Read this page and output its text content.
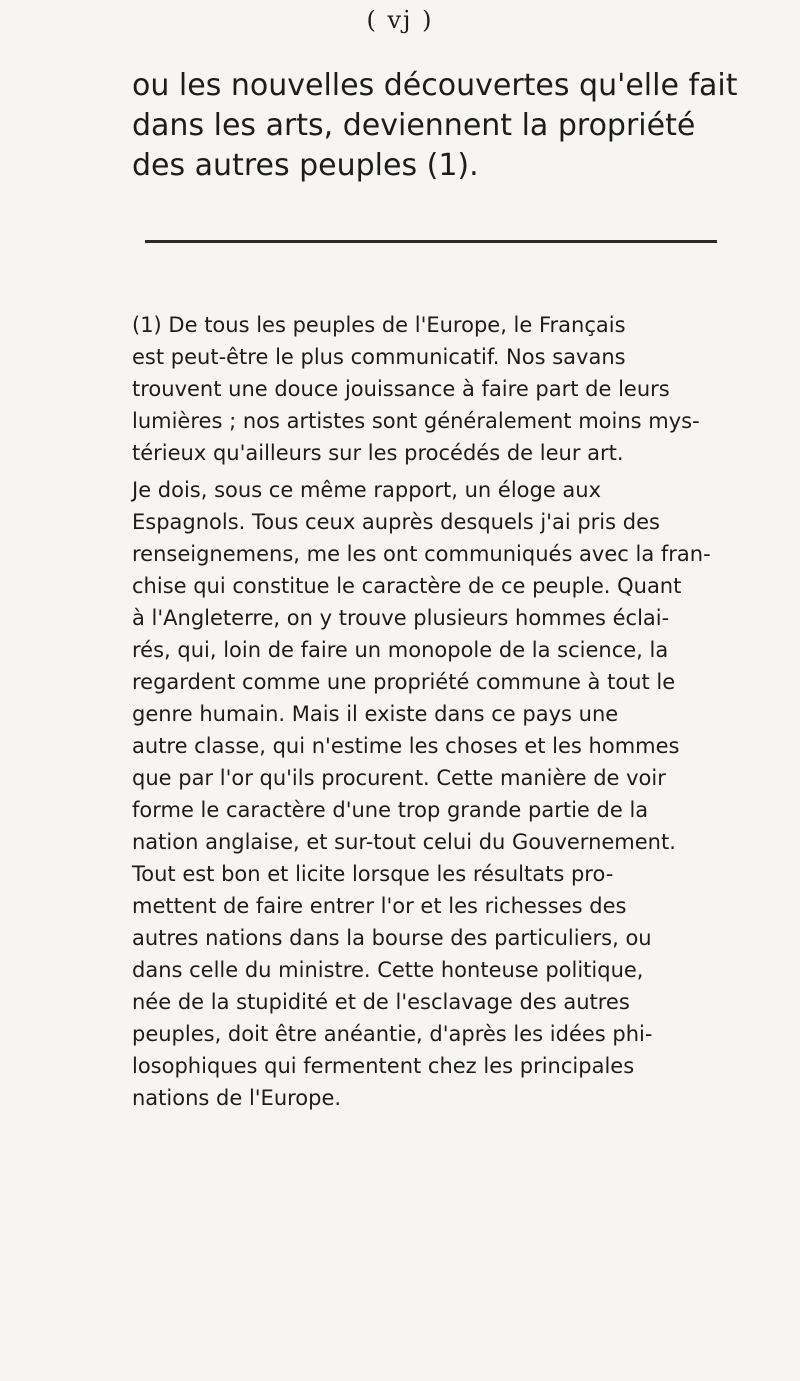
( vj )

ou les nouvelles découvertes qu'elle fait
dans les arts, deviennent la propriété
des autres peuples (1).

(1) De tous les peuples de l'Europe, le Français
est peut-être le plus communicatif. Nos savans
trouvent une douce jouissance à faire part de leurs
lumières ; nos artistes sont généralement moins mys-
térieux qu'ailleurs sur les procédés de leur art.

Je dois, sous ce même rapport, un éloge aux
Espagnols. Tous ceux auprès desquels j'ai pris des
renseignemens, me les ont communiqués avec la fran-
chise qui constitue le caractère de ce peuple. Quant
à l'Angleterre, on y trouve plusieurs hommes éclai-
rés, qui, loin de faire un monopole de la science, la
regardent comme une propriété commune à tout le
genre humain. Mais il existe dans ce pays une
autre classe, qui n'estime les choses et les hommes
que par l'or qu'ils procurent. Cette manière de voir
forme le caractère d'une trop grande partie de la
nation anglaise, et sur-tout celui du Gouvernement.
Tout est bon et licite lorsque les résultats pro-
mettent de faire entrer l'or et les richesses des
autres nations dans la bourse des particuliers, ou
dans celle du ministre. Cette honteuse politique,
née de la stupidité et de l'esclavage des autres
peuples, doit être anéantie, d'après les idées phi-
losophiques qui fermentent chez les principales
nations de l'Europe.
